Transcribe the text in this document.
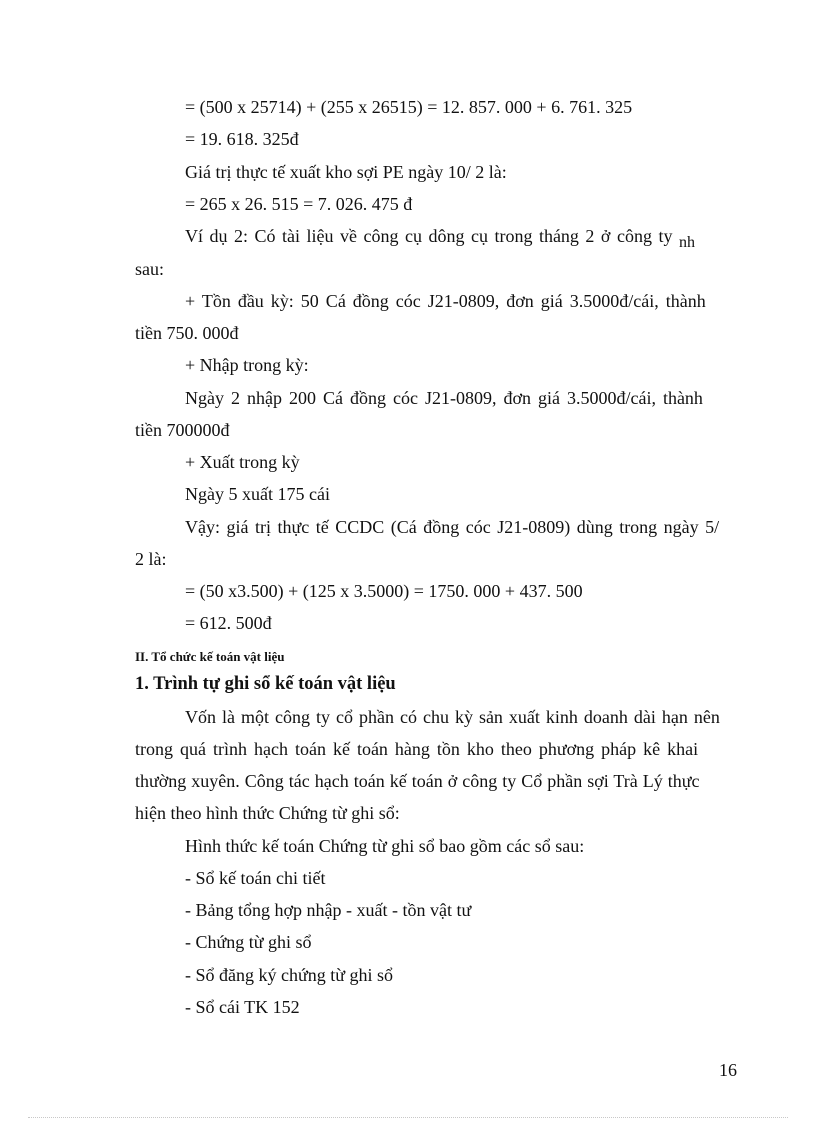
= (500 x 25714) + (255 x 26515) = 12. 857. 000 + 6. 761. 325

= 19. 618. 325đ

Giá trị thực tế xuất kho sợi PE ngày 10/ 2 là:

= 265 x 26. 515 = 7. 026. 475 đ

Ví dụ 2: Có tài liệu về công cụ dông cụ trong tháng 2 ở công ty nh

sau:

+ Tồn đầu kỳ: 50 Cá đồng cóc J21-0809, đơn giá 3.5000đ/cái, thành

tiền 750. 000đ

+ Nhập trong kỳ:

Ngày 2 nhập 200 Cá đồng cóc J21-0809, đơn giá 3.5000đ/cái, thành

tiền 700000đ

+ Xuất trong kỳ

Ngày 5 xuất 175 cái

Vậy: giá trị thực tế CCDC (Cá đồng cóc J21-0809) dùng trong ngày 5/

2 là:

= (50 x3.500) + (125 x 3.5000) = 1750. 000 + 437. 500

= 612. 500đ

II. Tổ chức kế toán vật liệu

1. Trình tự ghi sổ kế toán vật liệu

Vốn là một công ty cổ phần có chu kỳ sản xuất kinh doanh dài hạn nên

trong quá trình hạch toán kế toán hàng tồn kho theo phương pháp kê khai

thường xuyên. Công tác hạch toán kế toán ở công ty Cổ phần sợi Trà Lý thực

hiện theo hình thức Chứng từ ghi sổ:

Hình thức kế toán Chứng từ ghi sổ bao gồm các sổ sau:

- Sổ kế toán chi tiết

- Bảng tổng hợp nhập - xuất - tồn vật tư

- Chứng từ ghi sổ

- Sổ đăng ký chứng từ ghi sổ

- Sổ cái TK 152

16
